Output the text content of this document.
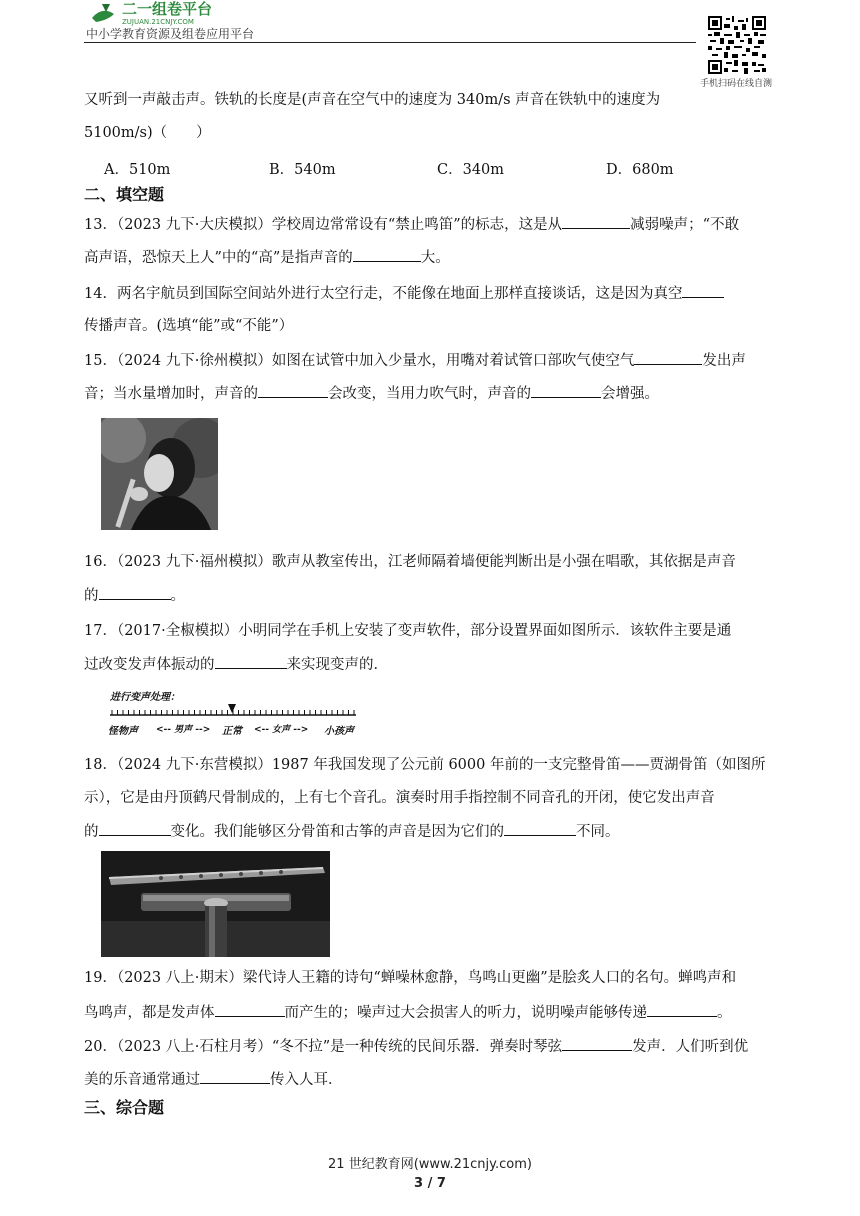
二一组卷平台
ZUJUAN.21CNJY.COM
中小学教育资源及组卷应用平台
手机扫码在线自测
又听到一声敲击声。铁轨的长度是(声音在空气中的速度为 340m/s 声音在铁轨中的速度为
5100m/s)（　　）
A．510m	B．540m	C．340m	D．680m
二、填空题
13．（2023 九下·大庆模拟）学校周边常常设有“禁止鸣笛”的标志，这是从	减弱噪声；“不敢
高声语，恐惊天上人”中的“高”是指声音的	大。
14．两名宇航员到国际空间站外进行太空行走，不能像在地面上那样直接谈话，这是因为真空
传播声音。(选填“能”或“不能”）
15．（2024 九下·徐州模拟）如图在试管中加入少量水，用嘴对着试管口部吹气使空气	发出声
音；当水量增加时，声音的	会改变，当用力吹气时，声音的	会增强。
16．（2023 九下·福州模拟）歌声从教室传出，江老师隔着墙便能判断出是小强在唱歌，其依据是声音
的	。
17．（2017·全椒模拟）小明同学在手机上安装了变声软件，部分设置界面如图所示．该软件主要是通
过改变发声体振动的	来实现变声的．
进行变声处理：
怪物声 <-- 男声 --> 正常 <-- 女声 --> 小孩声
18．（2024 九下·东营模拟）1987 年我国发现了公元前 6000 年前的一支完整骨笛——贾湖骨笛（如图所
示），它是由丹顶鹤尺骨制成的，上有七个音孔。演奏时用手指控制不同音孔的开闭，使它发出声音
的	变化。我们能够区分骨笛和古筝的声音是因为它们的	不同。
19．（2023 八上·期末）梁代诗人王籍的诗句“蝉噪林愈静，鸟鸣山更幽”是脍炙人口的名句。蝉鸣声和
鸟鸣声，都是发声体	而产生的；噪声过大会损害人的听力，说明噪声能够传递	。
20．（2023 八上·石柱月考）“冬不拉”是一种传统的民间乐器．弹奏时琴弦	发声．人们听到优
美的乐音通常通过	传入人耳．
三、综合题
21 世纪教育网(www.21cnjy.com)
3 / 7
